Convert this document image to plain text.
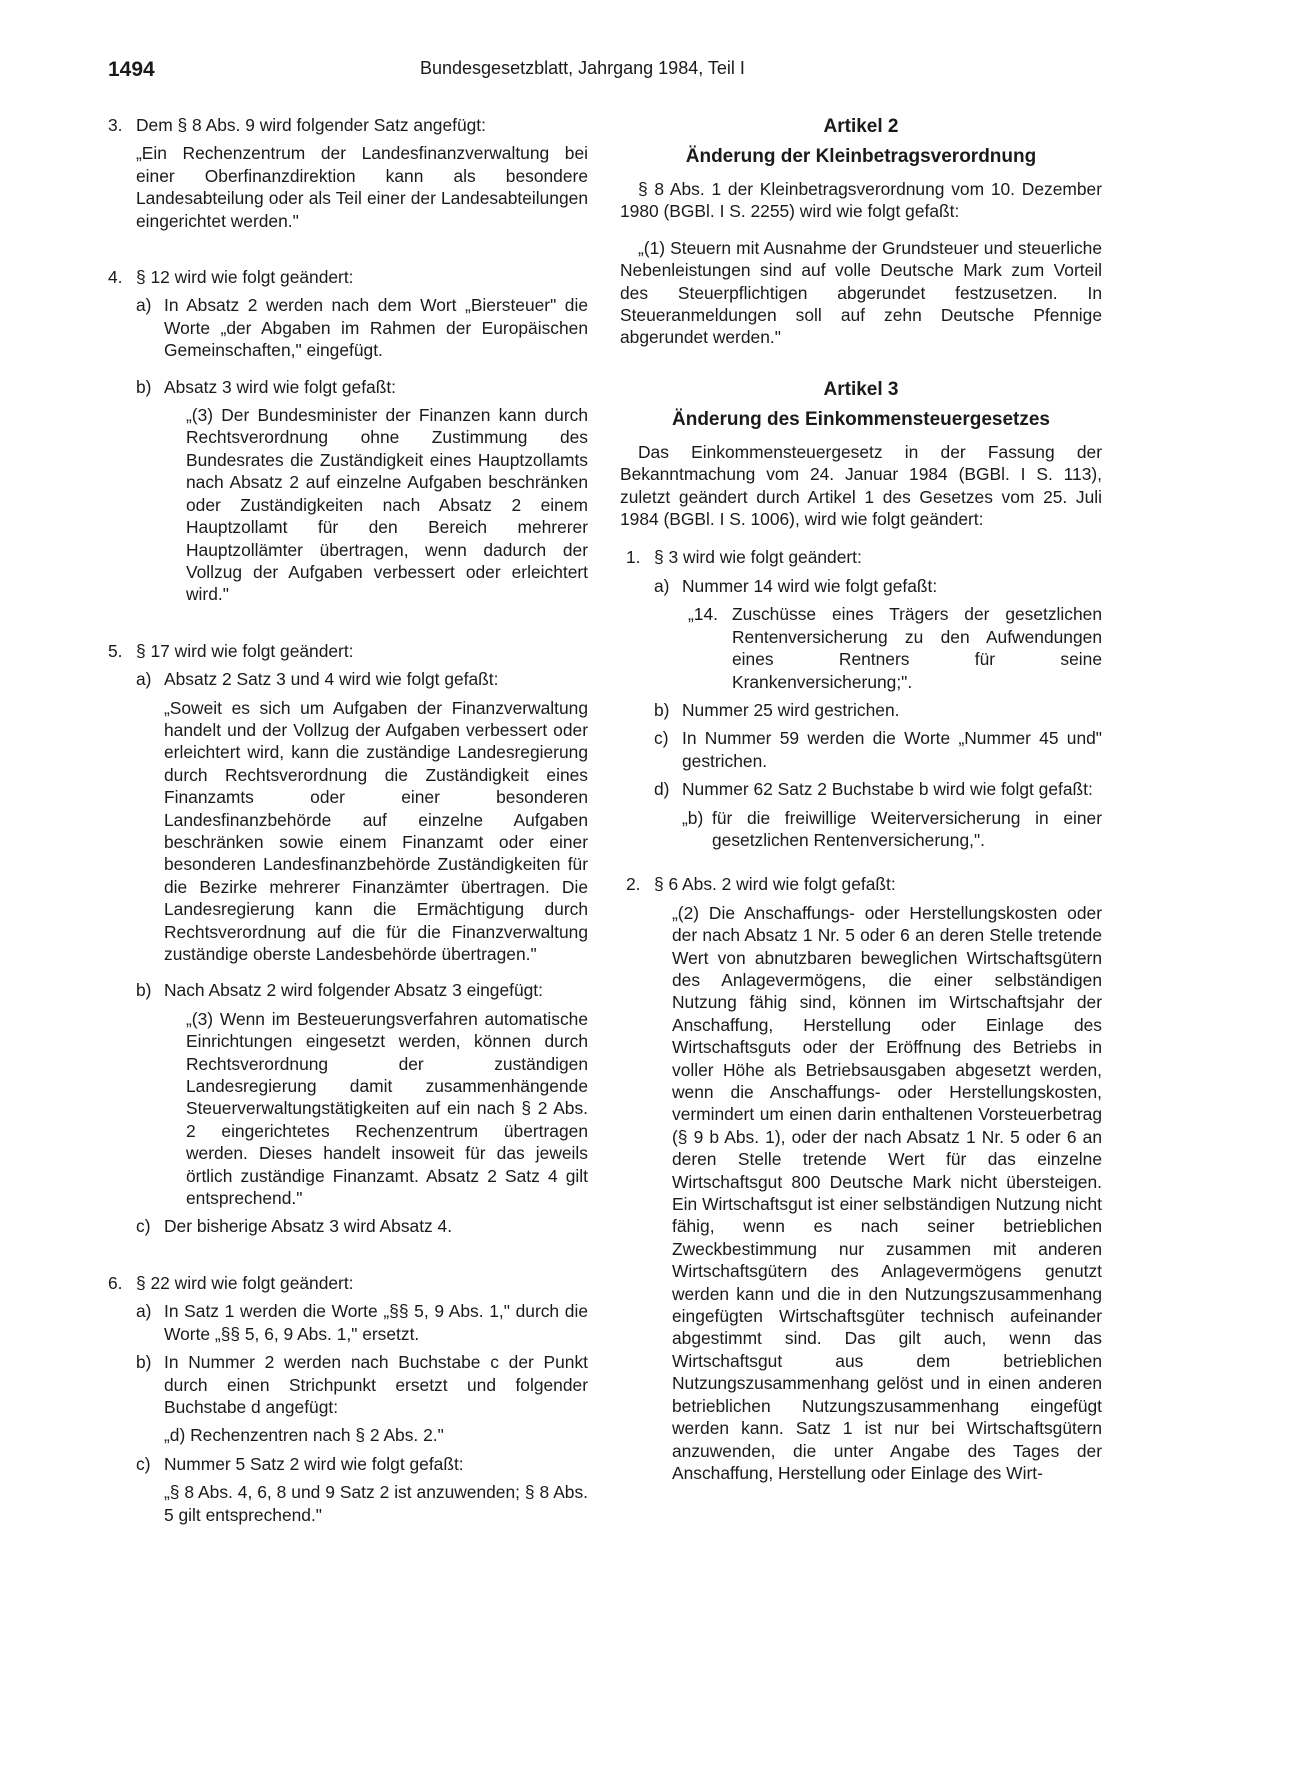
1494	Bundesgesetzblatt, Jahrgang 1984, Teil I
3. Dem § 8 Abs. 9 wird folgender Satz angefügt:

„Ein Rechenzentrum der Landesfinanzverwaltung bei einer Oberfinanzdirektion kann als besondere Landesabteilung oder als Teil einer der Landesabteilungen eingerichtet werden."

4. § 12 wird wie folgt geändert:

a) In Absatz 2 werden nach dem Wort „Biersteuer" die Worte „der Abgaben im Rahmen der Europäischen Gemeinschaften," eingefügt.

b) Absatz 3 wird wie folgt gefaßt:

„(3) Der Bundesminister der Finanzen kann durch Rechtsverordnung ohne Zustimmung des Bundesrates die Zuständigkeit eines Hauptzollamts nach Absatz 2 auf einzelne Aufgaben beschränken oder Zuständigkeiten nach Absatz 2 einem Hauptzollamt für den Bereich mehrerer Hauptzollämter übertragen, wenn dadurch der Vollzug der Aufgaben verbessert oder erleichtert wird."

5. § 17 wird wie folgt geändert:

a) Absatz 2 Satz 3 und 4 wird wie folgt gefaßt:

„Soweit es sich um Aufgaben der Finanzverwaltung handelt und der Vollzug der Aufgaben verbessert oder erleichtert wird, kann die zuständige Landesregierung durch Rechtsverordnung die Zuständigkeit eines Finanzamts oder einer besonderen Landesfinanzbehörde auf einzelne Aufgaben beschränken sowie einem Finanzamt oder einer besonderen Landesfinanzbehörde Zuständigkeiten für die Bezirke mehrerer Finanzämter übertragen. Die Landesregierung kann die Ermächtigung durch Rechtsverordnung auf die für die Finanzverwaltung zuständige oberste Landesbehörde übertragen."

b) Nach Absatz 2 wird folgender Absatz 3 eingefügt:

„(3) Wenn im Besteuerungsverfahren automatische Einrichtungen eingesetzt werden, können durch Rechtsverordnung der zuständigen Landesregierung damit zusammenhängende Steuerverwaltungstätigkeiten auf ein nach § 2 Abs. 2 eingerichtetes Rechenzentrum übertragen werden. Dieses handelt insoweit für das jeweils örtlich zuständige Finanzamt. Absatz 2 Satz 4 gilt entsprechend."

c) Der bisherige Absatz 3 wird Absatz 4.

6. § 22 wird wie folgt geändert:

a) In Satz 1 werden die Worte „§§ 5, 9 Abs. 1," durch die Worte „§§ 5, 6, 9 Abs. 1," ersetzt.

b) In Nummer 2 werden nach Buchstabe c der Punkt durch einen Strichpunkt ersetzt und folgender Buchstabe d angefügt:

„d) Rechenzentren nach § 2 Abs. 2."

c) Nummer 5 Satz 2 wird wie folgt gefaßt:

„§ 8 Abs. 4, 6, 8 und 9 Satz 2 ist anzuwenden; § 8 Abs. 5 gilt entsprechend."

Artikel 2
Änderung der Kleinbetragsverordnung

§ 8 Abs. 1 der Kleinbetragsverordnung vom 10. Dezember 1980 (BGBl. I S. 2255) wird wie folgt gefaßt:

„(1) Steuern mit Ausnahme der Grundsteuer und steuerliche Nebenleistungen sind auf volle Deutsche Mark zum Vorteil des Steuerpflichtigen abgerundet festzusetzen. In Steueranmeldungen soll auf zehn Deutsche Pfennige abgerundet werden."

Artikel 3
Änderung des Einkommensteuergesetzes

Das Einkommensteuergesetz in der Fassung der Bekanntmachung vom 24. Januar 1984 (BGBl. I S. 113), zuletzt geändert durch Artikel 1 des Gesetzes vom 25. Juli 1984 (BGBl. I S. 1006), wird wie folgt geändert:

1. § 3 wird wie folgt geändert:

a) Nummer 14 wird wie folgt gefaßt:

„14. Zuschüsse eines Trägers der gesetzlichen Rentenversicherung zu den Aufwendungen eines Rentners für seine Krankenversicherung;".

b) Nummer 25 wird gestrichen.

c) In Nummer 59 werden die Worte „Nummer 45 und" gestrichen.

d) Nummer 62 Satz 2 Buchstabe b wird wie folgt gefaßt:

„b) für die freiwillige Weiterversicherung in einer gesetzlichen Rentenversicherung,".

2. § 6 Abs. 2 wird wie folgt gefaßt:

„(2) Die Anschaffungs- oder Herstellungskosten oder der nach Absatz 1 Nr. 5 oder 6 an deren Stelle tretende Wert von abnutzbaren beweglichen Wirtschaftsgütern des Anlagevermögens, die einer selbständigen Nutzung fähig sind, können im Wirtschaftsjahr der Anschaffung, Herstellung oder Einlage des Wirtschaftsguts oder der Eröffnung des Betriebs in voller Höhe als Betriebsausgaben abgesetzt werden, wenn die Anschaffungs- oder Herstellungskosten, vermindert um einen darin enthaltenen Vorsteuerbetrag (§ 9 b Abs. 1), oder der nach Absatz 1 Nr. 5 oder 6 an deren Stelle tretende Wert für das einzelne Wirtschaftsgut 800 Deutsche Mark nicht übersteigen. Ein Wirtschaftsgut ist einer selbständigen Nutzung nicht fähig, wenn es nach seiner betrieblichen Zweckbestimmung nur zusammen mit anderen Wirtschaftsgütern des Anlagevermögens genutzt werden kann und die in den Nutzungszusammenhang eingefügten Wirtschaftsgüter technisch aufeinander abgestimmt sind. Das gilt auch, wenn das Wirtschaftsgut aus dem betrieblichen Nutzungszusammenhang gelöst und in einen anderen betrieblichen Nutzungszusammenhang eingefügt werden kann. Satz 1 ist nur bei Wirtschaftsgütern anzuwenden, die unter Angabe des Tages der Anschaffung, Herstellung oder Einlage des Wirt-
